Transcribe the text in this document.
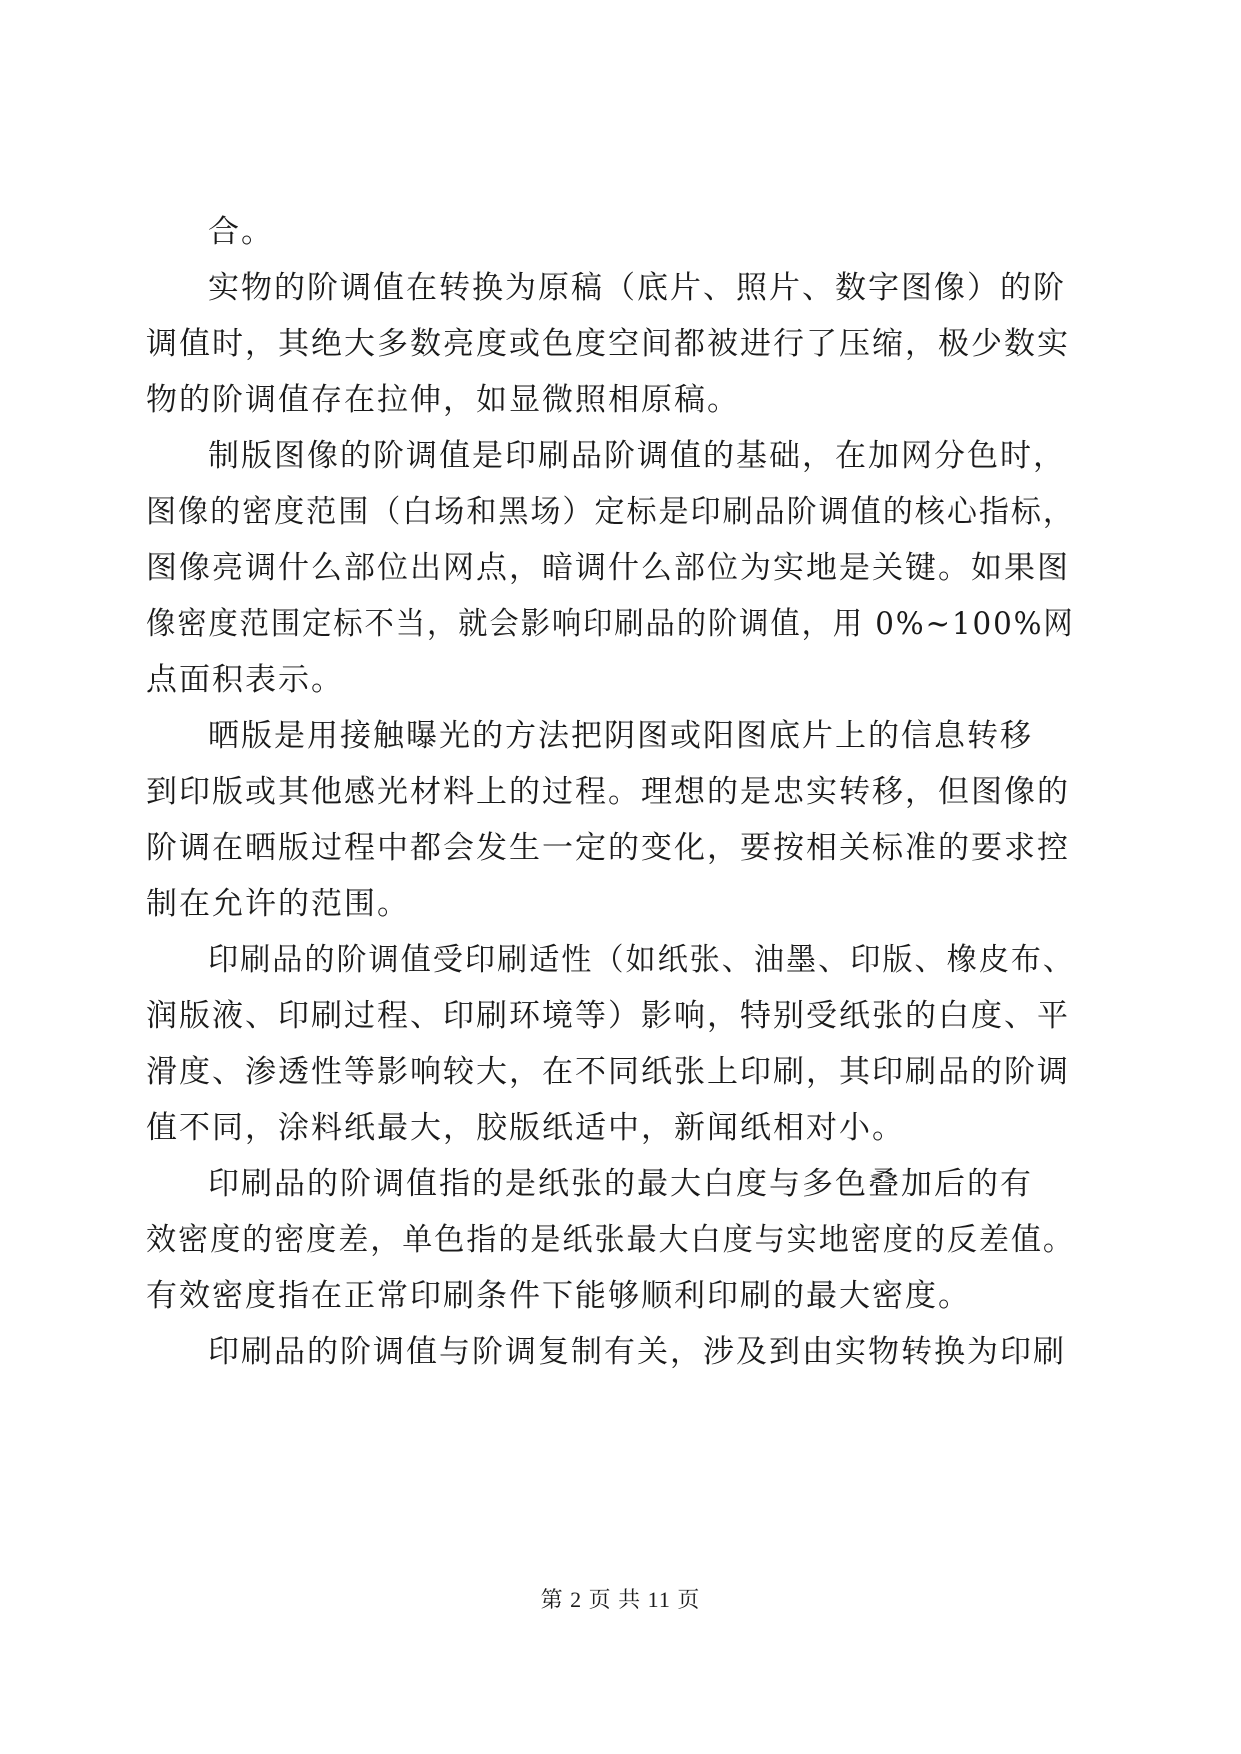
合。
实物的阶调值在转换为原稿（底片、照片、数字图像）的阶
调值时，其绝大多数亮度或色度空间都被进行了压缩，极少数实
物的阶调值存在拉伸，如显微照相原稿。
制版图像的阶调值是印刷品阶调值的基础，在加网分色时，
图像的密度范围（白场和黑场）定标是印刷品阶调值的核心指标，
图像亮调什么部位出网点，暗调什么部位为实地是关键。如果图
像密度范围定标不当，就会影响印刷品的阶调值，用 0%~100%网
点面积表示。
晒版是用接触曝光的方法把阴图或阳图底片上的信息转移
到印版或其他感光材料上的过程。理想的是忠实转移，但图像的
阶调在晒版过程中都会发生一定的变化，要按相关标准的要求控
制在允许的范围。
印刷品的阶调值受印刷适性（如纸张、油墨、印版、橡皮布、
润版液、印刷过程、印刷环境等）影响，特别受纸张的白度、平
滑度、渗透性等影响较大，在不同纸张上印刷，其印刷品的阶调
值不同，涂料纸最大，胶版纸适中，新闻纸相对小。
印刷品的阶调值指的是纸张的最大白度与多色叠加后的有
效密度的密度差，单色指的是纸张最大白度与实地密度的反差值。
有效密度指在正常印刷条件下能够顺利印刷的最大密度。
印刷品的阶调值与阶调复制有关，涉及到由实物转换为印刷
第 2 页 共 11 页
